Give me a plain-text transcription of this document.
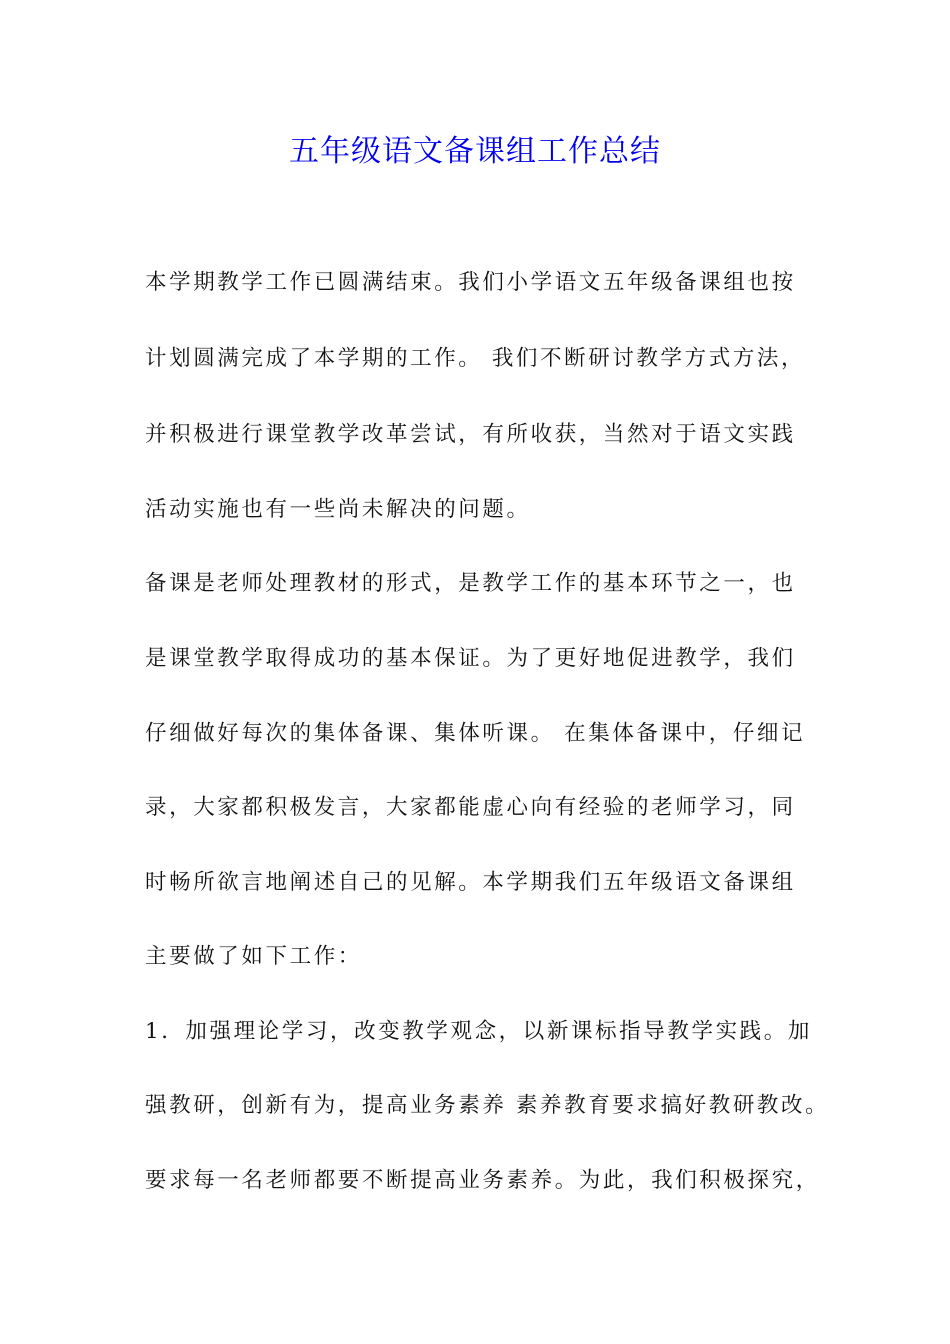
五年级语文备课组工作总结

本学期教学工作已圆满结束。我们小学语文五年级备课组也按

计划圆满完成了本学期的工作。 我们不断研讨教学方式方法，

并积极进行课堂教学改革尝试，有所收获，当然对于语文实践

活动实施也有一些尚未解决的问题。

备课是老师处理教材的形式，是教学工作的基本环节之一，也

是课堂教学取得成功的基本保证。为了更好地促进教学，我们

仔细做好每次的集体备课、集体听课。 在集体备课中，仔细记

录，大家都积极发言，大家都能虚心向有经验的老师学习，同

时畅所欲言地阐述自己的见解。本学期我们五年级语文备课组

主要做了如下工作：

1．加强理论学习，改变教学观念，以新课标指导教学实践。加

强教研，创新有为，提高业务素养 素养教育要求搞好教研教改。

要求每一名老师都要不断提高业务素养。为此，我们积极探究，
